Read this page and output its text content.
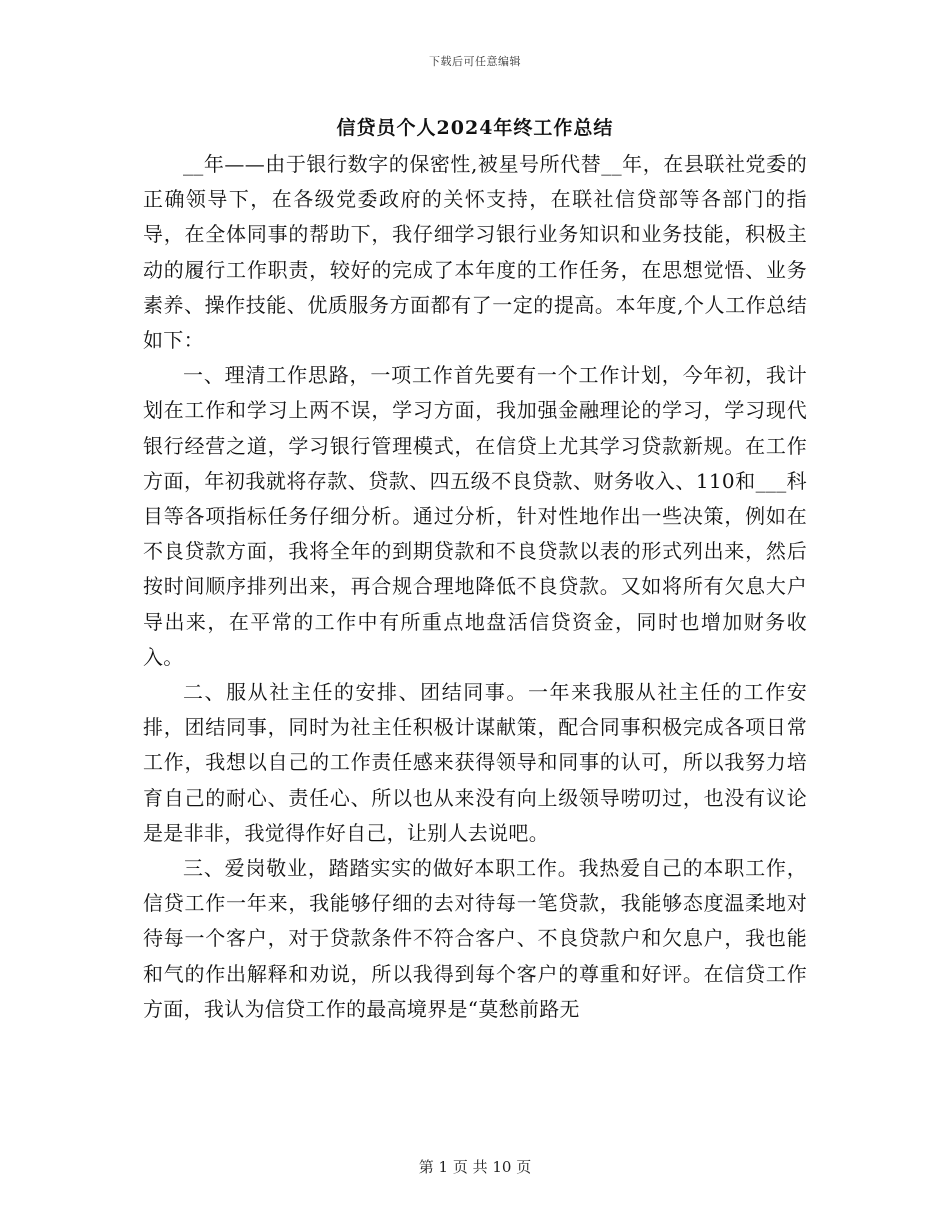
下载后可任意编辑
信贷员个人2024年终工作总结

__年——由于银行数字的保密性,被星号所代替__年，在县联社党委的正确领导下，在各级党委政府的关怀支持，在联社信贷部等各部门的指导，在全体同事的帮助下，我仔细学习银行业务知识和业务技能，积极主动的履行工作职责，较好的完成了本年度的工作任务，在思想觉悟、业务素养、操作技能、优质服务方面都有了一定的提高。本年度,个人工作总结如下：

一、理清工作思路，一项工作首先要有一个工作计划，今年初，我计划在工作和学习上两不误，学习方面，我加强金融理论的学习，学习现代银行经营之道，学习银行管理模式，在信贷上尤其学习贷款新规。在工作方面，年初我就将存款、贷款、四五级不良贷款、财务收入、110和___科目等各项指标任务仔细分析。通过分析，针对性地作出一些决策，例如在不良贷款方面，我将全年的到期贷款和不良贷款以表的形式列出来，然后按时间顺序排列出来，再合规合理地降低不良贷款。又如将所有欠息大户导出来，在平常的工作中有所重点地盘活信贷资金，同时也增加财务收入。

二、服从社主任的安排、团结同事。一年来我服从社主任的工作安排，团结同事，同时为社主任积极计谋献策，配合同事积极完成各项日常工作，我想以自己的工作责任感来获得领导和同事的认可，所以我努力培育自己的耐心、责任心、所以也从来没有向上级领导唠叨过，也没有议论是是非非，我觉得作好自己，让别人去说吧。

三、爱岗敬业，踏踏实实的做好本职工作。我热爱自己的本职工作，信贷工作一年来，我能够仔细的去对待每一笔贷款，我能够态度温柔地对待每一个客户，对于贷款条件不符合客户、不良贷款户和欠息户，我也能和气的作出解释和劝说，所以我得到每个客户的尊重和好评。在信贷工作方面，我认为信贷工作的最高境界是“莫愁前路无

第 1 页 共 10 页
